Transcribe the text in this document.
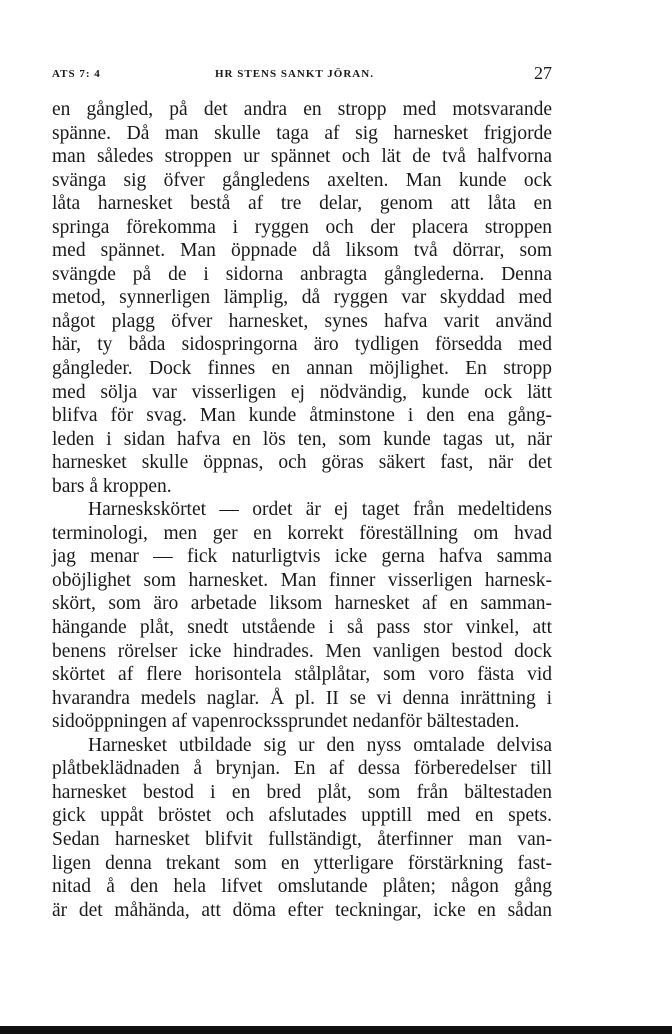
ATS 7: 4	HR STENS SANKT JÖRAN.	27
en gångled, på det andra en stropp med motsvarande
spänne. Då man skulle taga af sig harnesket frigjorde
man således stroppen ur spännet och lät de två halfvorna
svänga sig öfver gångledens axelten. Man kunde ock
låta harnesket bestå af tre delar, genom att låta en
springa förekomma i ryggen och der placera stroppen
med spännet. Man öppnade då liksom två dörrar, som
svängde på de i sidorna anbragta gånglederna. Denna
metod, synnerligen lämplig, då ryggen var skyddad med
något plagg öfver harnesket, synes hafva varit använd
här, ty båda sidospringorna äro tydligen försedda med
gångleder. Dock finnes en annan möjlighet. En stropp
med sölja var visserligen ej nödvändig, kunde ock lätt
blifva för svag. Man kunde åtminstone i den ena gång-
leden i sidan hafva en lös ten, som kunde tagas ut, när
harnesket skulle öppnas, och göras säkert fast, när det
bars å kroppen.
Harneskskörtet — ordet är ej taget från medeltidens
terminologi, men ger en korrekt föreställning om hvad
jag menar — fick naturligtvis icke gerna hafva samma
oböjlighet som harnesket. Man finner visserligen harnesk-
skört, som äro arbetade liksom harnesket af en samman-
hängande plåt, snedt utstående i så pass stor vinkel, att
benens rörelser icke hindrades. Men vanligen bestod dock
skörtet af flere horisontela stålplåtar, som voro fästa vid
hvarandra medels naglar. Å pl. II se vi denna inrättning i
sidoöppningen af vapenrockssprundet nedanför bältestaden.
Harnesket utbildade sig ur den nyss omtalade delvisa
plåtbeklädnaden å brynjan. En af dessa förberedelser till
harnesket bestod i en bred plåt, som från bältestaden
gick uppåt bröstet och afslutades upptill med en spets.
Sedan harnesket blifvit fullständigt, återfinner man van-
ligen denna trekant som en ytterligare förstärkning fast-
nitad å den hela lifvet omslutande plåten; någon gång
är det måhända, att döma efter teckningar, icke en sådan
